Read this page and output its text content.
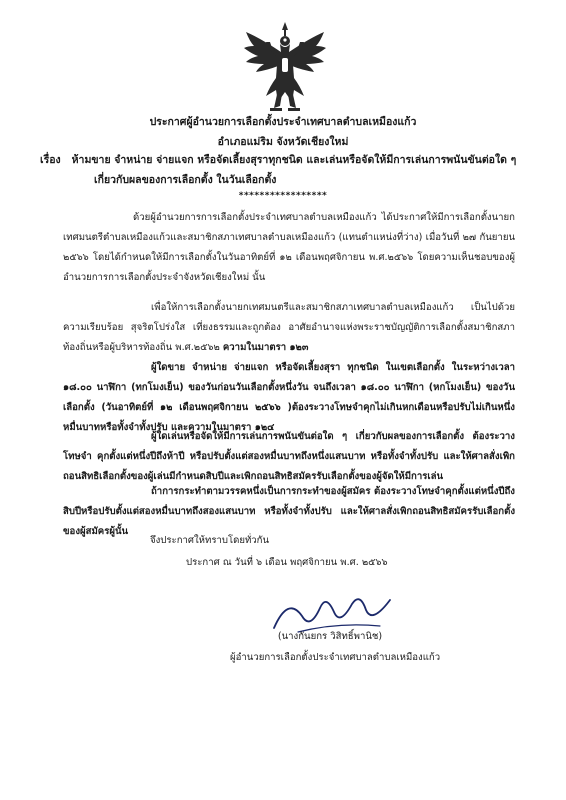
ประกาศผู้อำนวยการเลือกตั้งประจำเทศบาลตำบลเหมืองแก้ว
อำเภอแม่ริม จังหวัดเชียงใหม่
เรื่อง ห้ามขาย จำหน่าย จ่ายแจก หรือจัดเลี้ยงสุราทุกชนิด และเล่นหรือจัดให้มีการเล่นการพนันขันต่อใด ๆ
เกี่ยวกับผลของการเลือกตั้ง ในวันเลือกตั้ง
*****************
ด้วยผู้อำนวยการการเลือกตั้งประจำเทศบาลตำบลเหมืองแก้ว ได้ประกาศให้มีการเลือกตั้งนายกเทศมนตรีตำบลเหมืองแก้วและสมาชิกสภาเทศบาลตำบลเหมืองแก้ว (แทนตำแหน่งที่ว่าง) เมื่อวันที่ ๒๗ กันยายน ๒๕๖๖ โดยได้กำหนดให้มีการเลือกตั้งในวันอาทิตย์ที่ ๑๒ เดือนพฤศจิกายน พ.ศ.๒๕๖๖ โดยความเห็นชอบของผู้อำนวยการการเลือกตั้งประจำจังหวัดเชียงใหม่ นั้น
เพื่อให้การเลือกตั้งนายกเทศมนตรีและสมาชิกสภาเทศบาลตำบลเหมืองแก้ว เป็นไปด้วยความเรียบร้อย สุจริตโปร่งใส เที่ยงธรรมและถูกต้อง อาศัยอำนาจแห่งพระราชบัญญัติการเลือกตั้งสมาชิกสภาท้องถิ่นหรือผู้บริหารท้องถิ่น พ.ศ.๒๕๖๒ ความในมาตรา ๑๒๓
ผู้ใดขาย จำหน่าย จ่ายแจก หรือจัดเลี้ยงสุรา ทุกชนิด ในเขตเลือกตั้ง ในระหว่างเวลา ๑๘.๐๐ นาฬิกา (ทกโมงเย็น) ของวันก่อนวันเลือกตั้งหนึ่งวัน จนถึงเวลา ๑๘.๐๐ นาฬิกา (หกโมงเย็น) ของวันเลือกตั้ง (วันอาทิตย์ที่ ๑๒ เดือนพฤศจิกายน ๒๕๖๖ )ต้องระวางโทษจำคุกไม่เกินหกเดือนหรือปรับไม่เกินหนึ่งหมื่นบาทหรือทั้งจำทั้งปรับ และความในมาตรา ๑๒๔
ผู้ใดเล่นหรือจัดให้มีการเล่นการพนันขันต่อใด ๆ เกี่ยวกับผลของการเลือกตั้ง ต้องระวางโทษจำ คุกตั้งแต่หนึ่งปีถึงห้าปี หรือปรับตั้งแต่สองหมื่นบาทถึงหนึ่งแสนบาท หรือทั้งจำทั้งปรับ และให้ศาลสั่งเพิกถอนสิทธิเลือกตั้งของผู้เล่นมีกำหนดสิบปีและเพิกถอนสิทธิสมัครรับเลือกตั้งของผู้จัดให้มีการเล่น
ถ้าการกระทำตามวรรคหนึ่งเป็นการกระทำของผู้สมัคร ต้องระวางโทษจำคุกตั้งแต่หนึ่งปีถึงสิบปีหรือปรับตั้งแต่สองหมื่นบาทถึงสองแสนบาท หรือทั้งจำทั้งปรับ และให้ศาลสั่งเพิกถอนสิทธิสมัครรับเลือกตั้งของผู้สมัครผู้นั้น
จึงประกาศให้ทราบโดยทั่วกัน
ประกาศ ณ วันที่ ๖ เดือน พฤศจิกายน พ.ศ. ๒๕๖๖
(นางกันยกร วิสิทธิ์พานิช)
ผู้อำนวยการเลือกตั้งประจำเทศบาลตำบลเหมืองแก้ว
